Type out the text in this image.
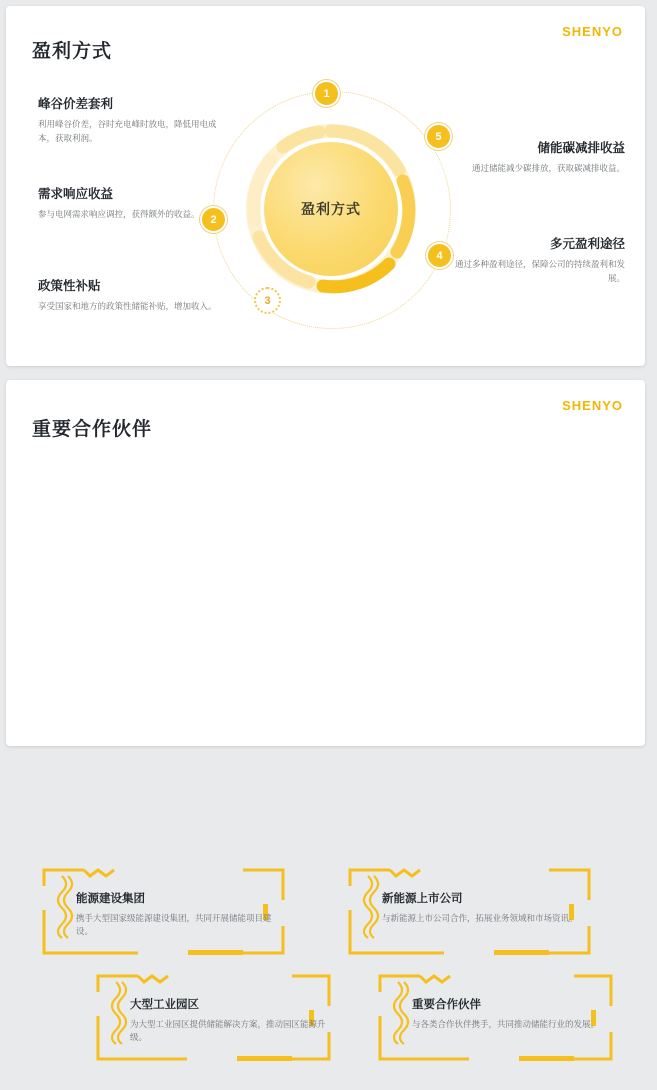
SHENYO
盈利方式
峰谷价差套利
利用峰谷价差，谷时充电峰时放电，降低用电成本，获取利润。
需求响应收益
参与电网需求响应调控，获得额外的收益。
政策性补贴
享受国家和地方的政策性储能补贴，增加收入。
储能碳减排收益
通过储能减少碳排放，获取碳减排收益。
多元盈利途径
通过多种盈利途径，保障公司的持续盈利和发展。
盈利方式
1
5
4
3
2
SHENYO
重要合作伙伴
能源建设集团
携手大型国家级能源建设集团，共同开展储能项目建设。
新能源上市公司
与新能源上市公司合作，拓展业务领域和市场资讯。
大型工业园区
为大型工业园区提供储能解决方案，推动园区能源升级。
重要合作伙伴
与各类合作伙伴携手，共同推动储能行业的发展。
